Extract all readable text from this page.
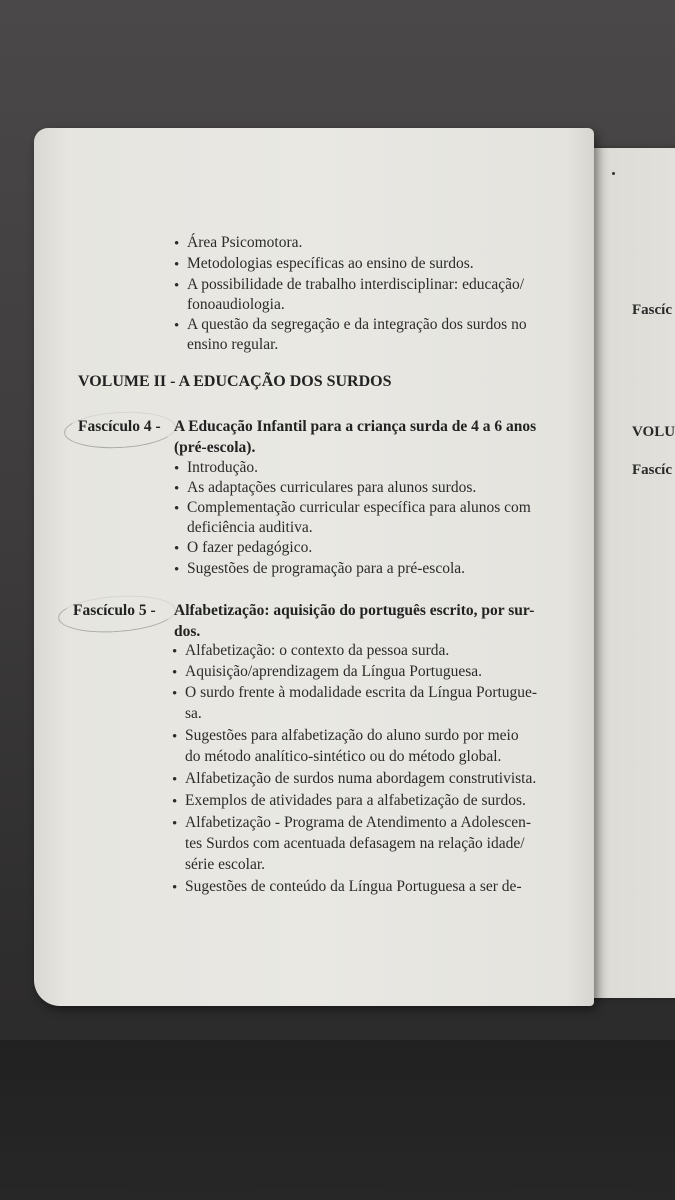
Fascíc
VOLU
Fascíc
• Área Psicomotora.
• Metodologias específicas ao ensino de surdos.
• A possibilidade de trabalho interdisciplinar: educação/
fonoaudiologia.
• A questão da segregação e da integração dos surdos no
ensino regular.
VOLUME II - A EDUCAÇÃO DOS SURDOS
Fascículo 4 - A Educação Infantil para a criança surda de 4 a 6 anos
(pré-escola).
• Introdução.
• As adaptações curriculares para alunos surdos.
• Complementação curricular específica para alunos com
deficiência auditiva.
• O fazer pedagógico.
• Sugestões de programação para a pré-escola.
Fascículo 5 - Alfabetização: aquisição do português escrito, por sur-
dos.
• Alfabetização: o contexto da pessoa surda.
• Aquisição/aprendizagem da Língua Portuguesa.
• O surdo frente à modalidade escrita da Língua Portugue-
sa.
• Sugestões para alfabetização do aluno surdo por meio
do método analítico-sintético ou do método global.
• Alfabetização de surdos numa abordagem construtivista.
• Exemplos de atividades para a alfabetização de surdos.
• Alfabetização - Programa de Atendimento a Adolescen-
tes Surdos com acentuada defasagem na relação idade/
série escolar.
• Sugestões de conteúdo da Língua Portuguesa a ser de-
